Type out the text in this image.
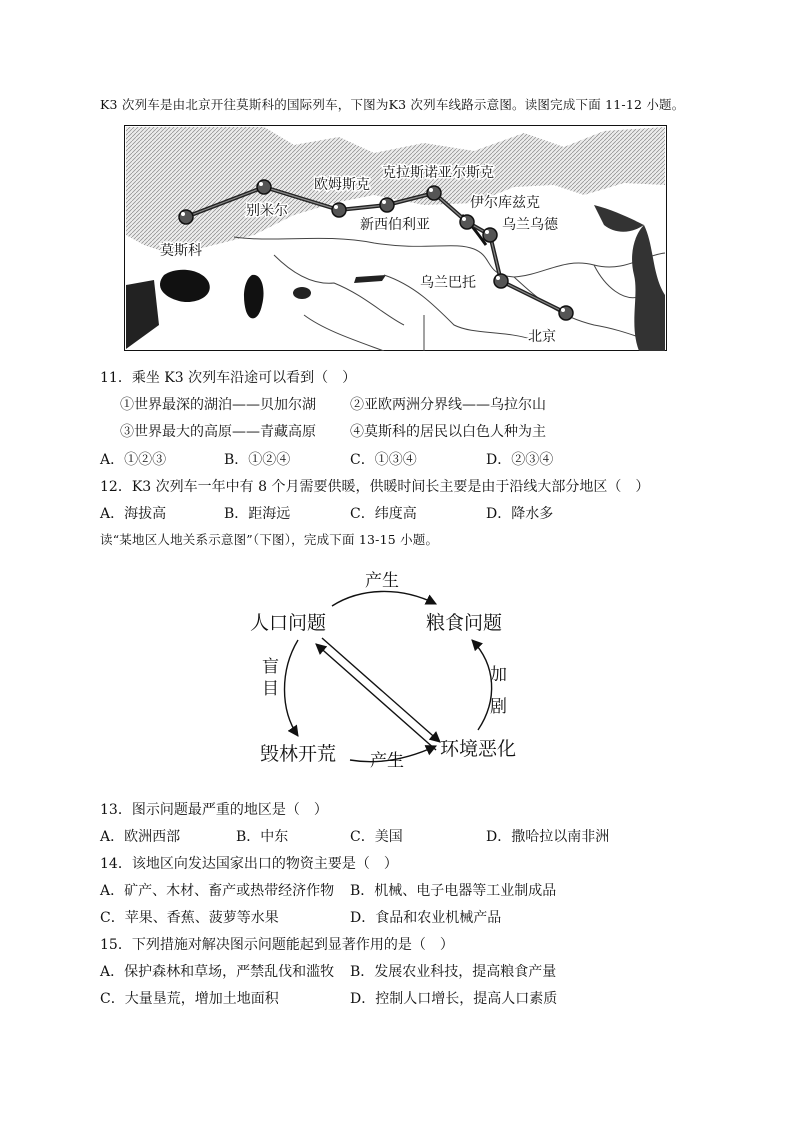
K3 次列车是由北京开往莫斯科的国际列车，下图为K3 次列车线路示意图。读图完成下面 11-12 小题。
莫斯科
别米尔
欧姆斯克
新西伯利亚
克拉斯诺亚尔斯克
伊尔库兹克
乌兰乌德
乌兰巴托
北京
11．乘坐 K3 次列车沿途可以看到（　）
①世界最深的湖泊——贝加尔湖 ②亚欧两洲分界线——乌拉尔山
③世界最大的高原——青藏高原 ④莫斯科的居民以白色人种为主
A．①②③	B．①②④	C．①③④	D．②③④
12．K3 次列车一年中有 8 个月需要供暖，供暖时间长主要是由于沿线大部分地区（　）
A．海拔高	B．距海远	C．纬度高	D．降水多
读“某地区人地关系示意图”（下图），完成下面 13-15 小题。
人口问题	粮食问题
毁林开荒	环境恶化
产生
产生
盲
目
加
剧
13．图示问题最严重的地区是（　）
A．欧洲西部	B．中东	C．美国	D．撒哈拉以南非洲
14．该地区向发达国家出口的物资主要是（　）
A．矿产、木材、畜产或热带经济作物 B．机械、电子电器等工业制成品
C．苹果、香蕉、菠萝等水果	D．食品和农业机械产品
15．下列措施对解决图示问题能起到显著作用的是（　）
A．保护森林和草场，严禁乱伐和滥牧 B．发展农业科技，提高粮食产量
C．大量垦荒，增加土地面积	D．控制人口增长，提高人口素质
